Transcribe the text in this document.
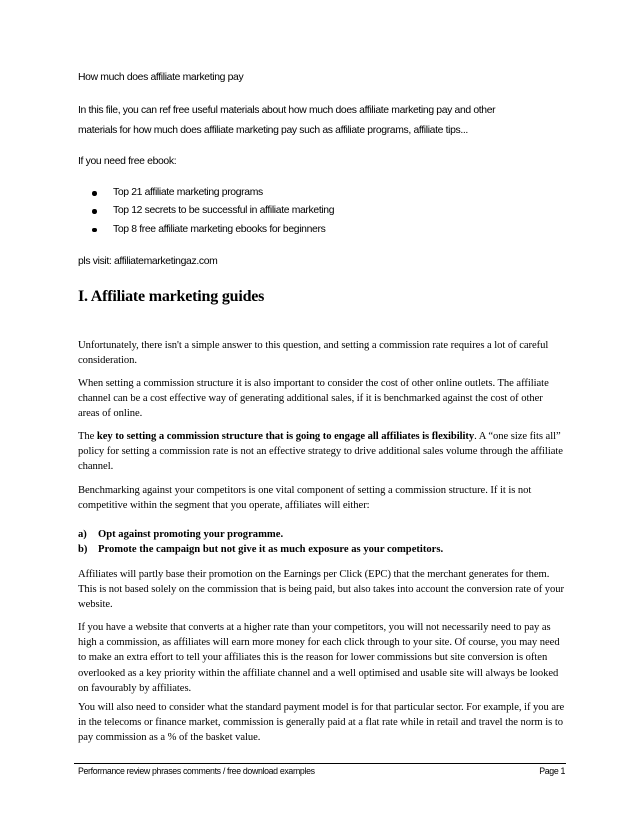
How much does affiliate marketing pay
In this file, you can ref free useful materials about how much does affiliate marketing pay and other
materials for how much does affiliate marketing pay such as affiliate programs, affiliate tips...
If you need free ebook:
Top 21 affiliate marketing programs
Top 12 secrets to be successful in affiliate marketing
Top 8 free affiliate marketing ebooks for beginners
pls visit: affiliatemarketingaz.com
I. Affiliate marketing guides
Unfortunately, there isn't a simple answer to this question, and setting a commission rate requires a lot of careful consideration.
When setting a commission structure it is also important to consider the cost of other online outlets. The affiliate channel can be a cost effective way of generating additional sales, if it is benchmarked against the cost of other areas of online.
The key to setting a commission structure that is going to engage all affiliates is flexibility. A “one size fits all” policy for setting a commission rate is not an effective strategy to drive additional sales volume through the affiliate channel.
Benchmarking against your competitors is one vital component of setting a commission structure. If it is not competitive within the segment that you operate, affiliates will either:
a) Opt against promoting your programme.
b) Promote the campaign but not give it as much exposure as your competitors.
Affiliates will partly base their promotion on the Earnings per Click (EPC) that the merchant generates for them. This is not based solely on the commission that is being paid, but also takes into account the conversion rate of your website.
If you have a website that converts at a higher rate than your competitors, you will not necessarily need to pay as high a commission, as affiliates will earn more money for each click through to your site. Of course, you may need to make an extra effort to tell your affiliates this is the reason for lower commissions but site conversion is often overlooked as a key priority within the affiliate channel and a well optimised and usable site will always be looked on favourably by affiliates.
You will also need to consider what the standard payment model is for that particular sector. For example, if you are in the telecoms or finance market, commission is generally paid at a flat rate while in retail and travel the norm is to pay commission as a % of the basket value.
Performance review phrases comments / free download examples	Page 1
